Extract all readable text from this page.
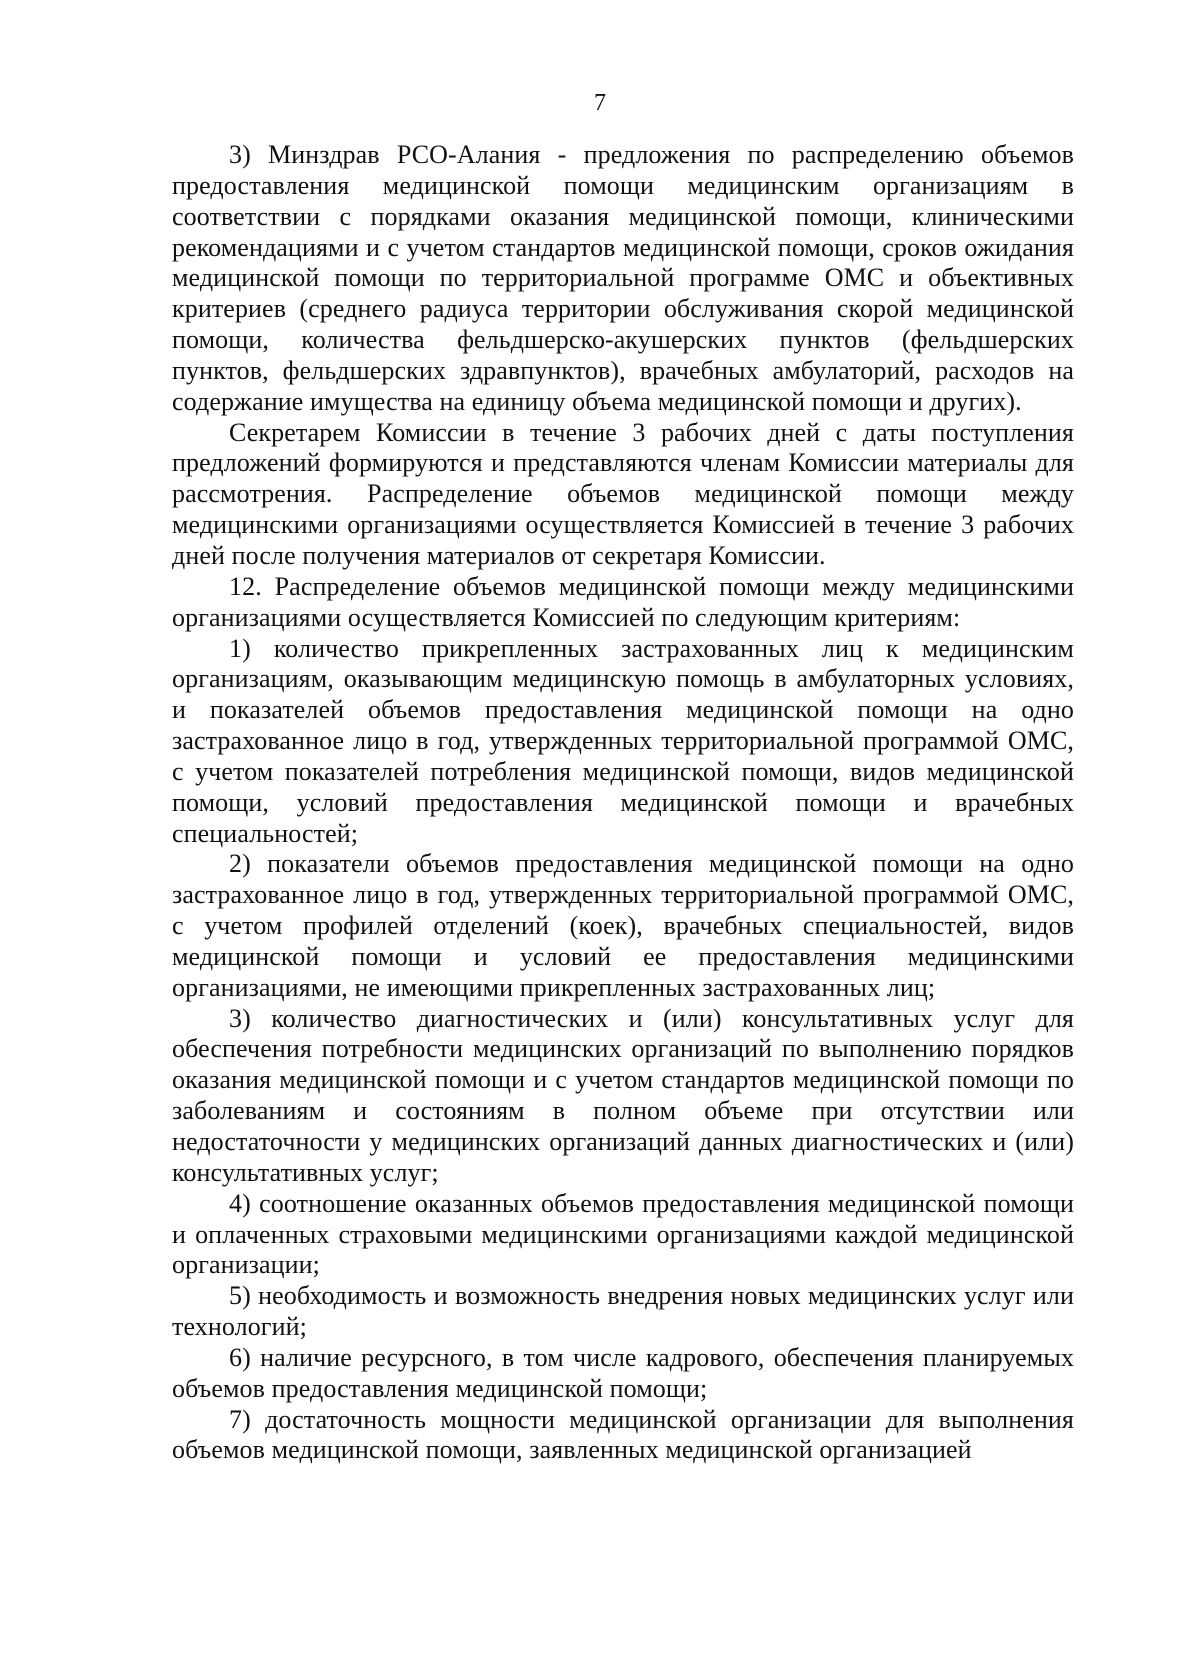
7

3) Минздрав РСО-Алания - предложения по распределению объемов предоставления медицинской помощи медицинским организациям в соответствии с порядками оказания медицинской помощи, клиническими рекомендациями и с учетом стандартов медицинской помощи, сроков ожидания медицинской помощи по территориальной программе ОМС и объективных критериев (среднего радиуса территории обслуживания скорой медицинской помощи, количества фельдшерско-акушерских пунктов (фельдшерских пунктов, фельдшерских здравпунктов), врачебных амбулаторий, расходов на содержание имущества на единицу объема медицинской помощи и других).

Секретарем Комиссии в течение 3 рабочих дней с даты поступления предложений формируются и представляются членам Комиссии материалы для рассмотрения. Распределение объемов медицинской помощи между медицинскими организациями осуществляется Комиссией в течение 3 рабочих дней после получения материалов от секретаря Комиссии.

12. Распределение объемов медицинской помощи между медицинскими организациями осуществляется Комиссией по следующим критериям:

1) количество прикрепленных застрахованных лиц к медицинским организациям, оказывающим медицинскую помощь в амбулаторных условиях, и показателей объемов предоставления медицинской помощи на одно застрахованное лицо в год, утвержденных территориальной программой ОМС, с учетом показателей потребления медицинской помощи, видов медицинской помощи, условий предоставления медицинской помощи и врачебных специальностей;

2) показатели объемов предоставления медицинской помощи на одно застрахованное лицо в год, утвержденных территориальной программой ОМС, с учетом профилей отделений (коек), врачебных специальностей, видов медицинской помощи и условий ее предоставления медицинскими организациями, не имеющими прикрепленных застрахованных лиц;

3) количество диагностических и (или) консультативных услуг для обеспечения потребности медицинских организаций по выполнению порядков оказания медицинской помощи и с учетом стандартов медицинской помощи по заболеваниям и состояниям в полном объеме при отсутствии или недостаточности у медицинских организаций данных диагностических и (или) консультативных услуг;

4) соотношение оказанных объемов предоставления медицинской помощи и оплаченных страховыми медицинскими организациями каждой медицинской организации;

5) необходимость и возможность внедрения новых медицинских услуг или технологий;

6) наличие ресурсного, в том числе кадрового, обеспечения планируемых объемов предоставления медицинской помощи;

7) достаточность мощности медицинской организации для выполнения объемов медицинской помощи, заявленных медицинской организацией
